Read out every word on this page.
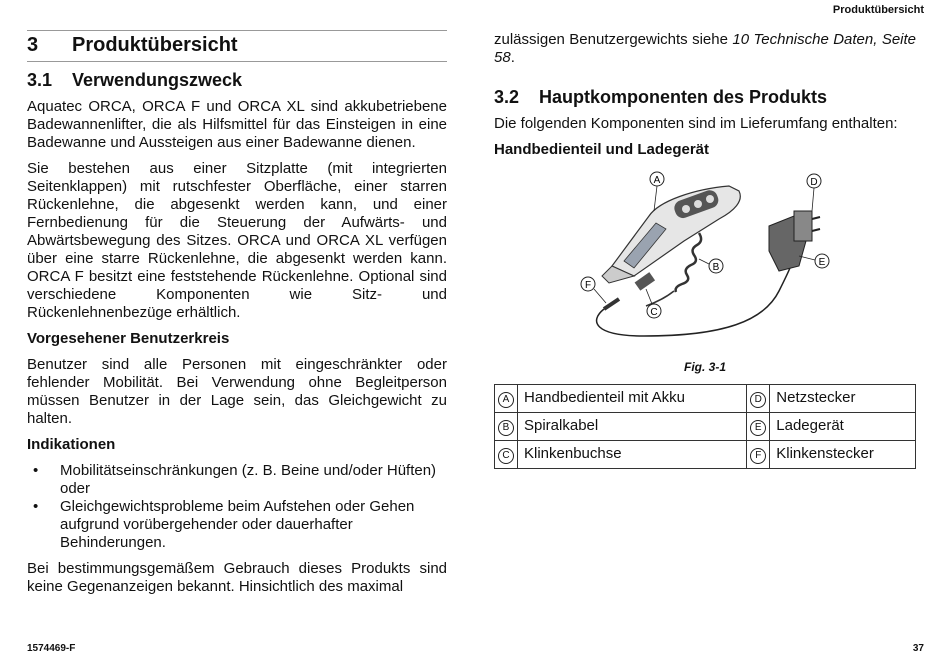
Produktübersicht
3 Produktübersicht
3.1 Verwendungszweck

Aquatec ORCA, ORCA F und ORCA XL sind akkubetriebene Badewannenlifter, die als Hilfsmittel für das Einsteigen in eine Badewanne und Aussteigen aus einer Badewanne dienen.

Sie bestehen aus einer Sitzplatte (mit integrierten Seitenklappen) mit rutschfester Oberfläche, einer starren Rückenlehne, die abgesenkt werden kann, und einer Fernbedienung für die Steuerung der Aufwärts- und Abwärtsbewegung des Sitzes. ORCA und ORCA XL verfügen über eine starre Rückenlehne, die abgesenkt werden kann. ORCA F besitzt eine feststehende Rückenlehne. Optional sind verschiedene Komponenten wie Sitz- und Rückenlehnenbezüge erhältlich.

Vorgesehener Benutzerkreis

Benutzer sind alle Personen mit eingeschränkter oder fehlender Mobilität. Bei Verwendung ohne Begleitperson müssen Benutzer in der Lage sein, das Gleichgewicht zu halten.

Indikationen
• Mobilitätseinschränkungen (z. B. Beine und/oder Hüften) oder
• Gleichgewichtsprobleme beim Aufstehen oder Gehen aufgrund vorübergehender oder dauerhafter Behinderungen.

Bei bestimmungsgemäßem Gebrauch dieses Produkts sind keine Gegenanzeigen bekannt. Hinsichtlich des maximal

zulässigen Benutzergewichts siehe 10 Technische Daten, Seite 58.

3.2 Hauptkomponenten des Produkts

Die folgenden Komponenten sind im Lieferumfang enthalten:

Handbedienteil und Ladegerät
A
B
C
D
E
F
Fig. 3-1
A	Handbedienteil mit Akku	D	Netzstecker
B	Spiralkabel	E	Ladegerät
C	Klinkenbuchse	F	Klinkenstecker
1574469-F	37
